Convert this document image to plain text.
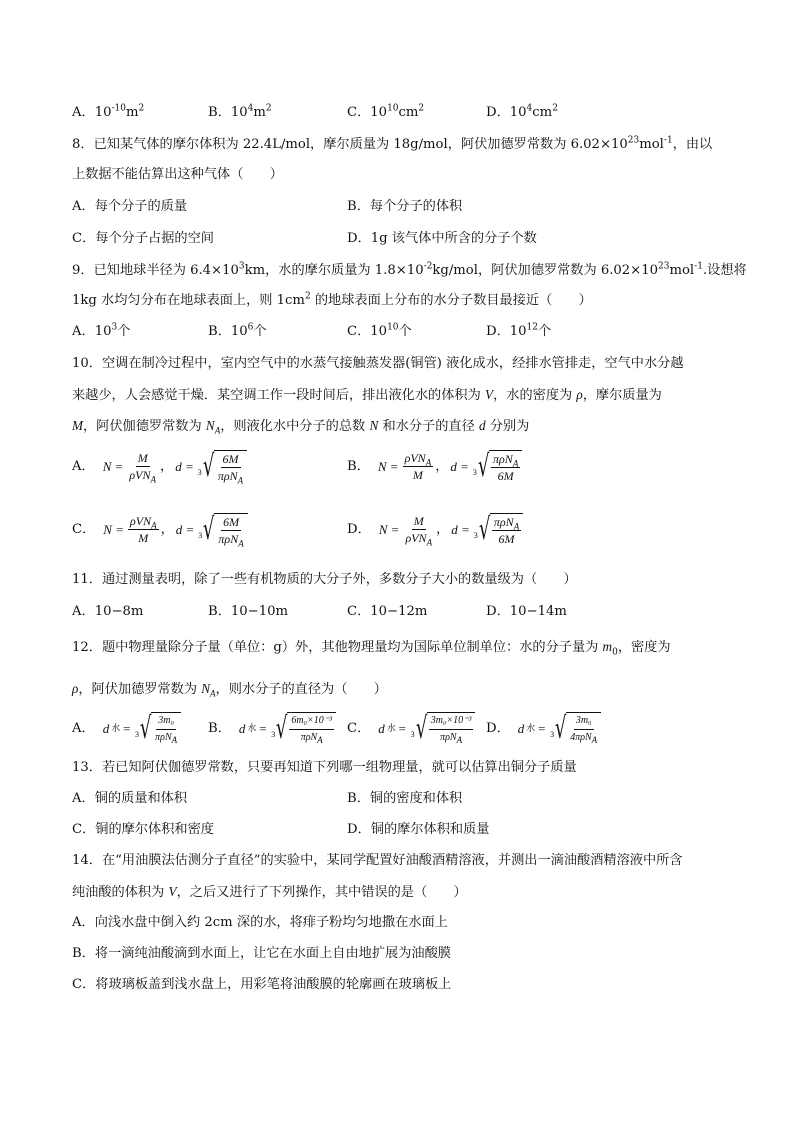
A．$10^{-10}m^2$	B．$10^4m^2$	C．$10^{10}cm^2$	D．$10^4cm^2$
8．已知某气体的摩尔体积为 22.4L/mol，摩尔质量为 18g/mol，阿伏加德罗常数为 $6.02\times 10^{23}mol^{-1}$，由以
上数据不能估算出这种气体（　　）
A．每个分子的质量	B．每个分子的体积
C．每个分子占据的空间	D．1g 该气体中所含的分子个数
9．已知地球半径为 $6.4\times 10^3km$，水的摩尔质量为 $1.8\times 10^{-2}kg$/mol，阿伏加德罗常数为 $6.02\times 10^{23}mol^{-1}$.设想将
1kg 水均匀分布在地球表面上，则 $1cm^2$ 的地球表面上分布的水分子数目最接近（　　）
A．$10^3$个	B．$10^6$个	C．$10^{10}$个	D．$10^{12}$个
10．空调在制冷过程中，室内空气中的水蒸气接触蒸发器(铜管) 液化成水，经排水管排走，空气中水分越
来越少，人会感觉干燥．某空调工作一段时间后，排出液化水的体积为 V，水的密度为 ρ，摩尔质量为
M，阿伏伽德罗常数为 $N_A$，则液化水中分子的总数 N 和水分子的直径 d 分别为
A． $N = \frac{M}{\rho VN_A}$ ， d = 3 √ $\frac{6M}{\pi\rho N_A}$	B． $N = \frac{\rho VN_A}{M}$ ， d = 3 √ $\frac{\pi\rho N_A}{6M}$
C． $N = \frac{\rho VN_A}{M}$ ， d = 3 √ $\frac{6M}{\pi\rho N_A}$	D． $N = \frac{M}{\rho VN_A}$ ， d = 3 √ $\frac{\pi\rho N_A}{6M}$
11．通过测量表明，除了一些有机物质的大分子外，多数分子大小的数量级为（　　）
A．10−8m	B．10−10m	C．10−12m	D．10−14m
12．题中物理量除分子量（单位：g）外，其他物理量均为国际单位制单位：水的分子量为 $m_0$，密度为
ρ，阿伏加德罗常数为 $N_A$，则水分子的直径为（　　）
A． d 水 = 3 √ $\frac{\text{3m₀}}{\pi\rho N_A}$ B． d 水 = 3 √ $\frac{\text{6m₀×10⁻³}}{\pi\rho N_A}$ C． d 水 = 3 √ $\frac{\text{3m₀×10⁻³}}{\pi\rho N_A}$ D． d 水 = 3 √ $\frac{\text{3m₀}}{4\pi\rho N_A}$
13．若已知阿伏伽德罗常数，只要再知道下列哪一组物理量，就可以估算出铜分子质量
A．铜的质量和体积	B．铜的密度和体积
C．铜的摩尔体积和密度	D．铜的摩尔体积和质量
14．在“用油膜法估测分子直径”的实验中，某同学配置好油酸酒精溶液，并测出一滴油酸酒精溶液中所含
纯油酸的体积为 V，之后又进行了下列操作，其中错误的是（　　）
A．向浅水盘中倒入约 2cm 深的水，将痱子粉均匀地撒在水面上
B．将一滴纯油酸滴到水面上，让它在水面上自由地扩展为油酸膜
C．将玻璃板盖到浅水盘上，用彩笔将油酸膜的轮廓画在玻璃板上
